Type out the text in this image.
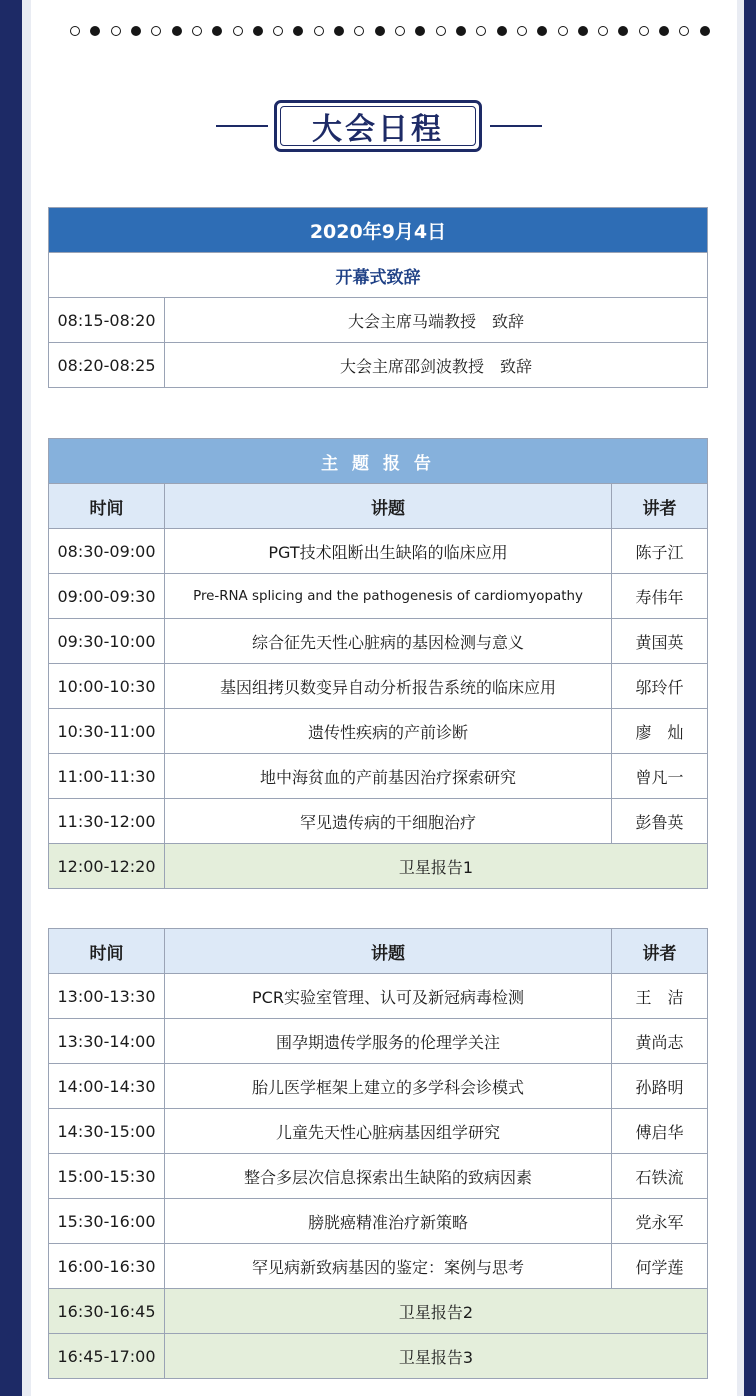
大会日程
2020年9月4日	
开幕式致辞	
08:15-08:20	大会主席马端教授　致辞
08:20-08:25	大会主席邵剑波教授　致辞
主 题 报 告		
时间	讲题	讲者
08:30-09:00	PGT技术阻断出生缺陷的临床应用	陈子江
09:00-09:30	Pre-RNA splicing and the pathogenesis of cardiomyopathy	寿伟年
09:30-10:00	综合征先天性心脏病的基因检测与意义	黄国英
10:00-10:30	基因组拷贝数变异自动分析报告系统的临床应用	邬玲仟
10:30-11:00	遗传性疾病的产前诊断	廖　灿
11:00-11:30	地中海贫血的产前基因治疗探索研究	曾凡一
11:30-12:00	罕见遗传病的干细胞治疗	彭鲁英
12:00-12:20	卫星报告1	
时间	讲题	讲者
13:00-13:30	PCR实验室管理、认可及新冠病毒检测	王　洁
13:30-14:00	围孕期遗传学服务的伦理学关注	黄尚志
14:00-14:30	胎儿医学框架上建立的多学科会诊模式	孙路明
14:30-15:00	儿童先天性心脏病基因组学研究	傅启华
15:00-15:30	整合多层次信息探索出生缺陷的致病因素	石铁流
15:30-16:00	膀胱癌精准治疗新策略	党永军
16:00-16:30	罕见病新致病基因的鉴定：案例与思考	何学莲
16:30-16:45	卫星报告2	
16:45-17:00	卫星报告3	
